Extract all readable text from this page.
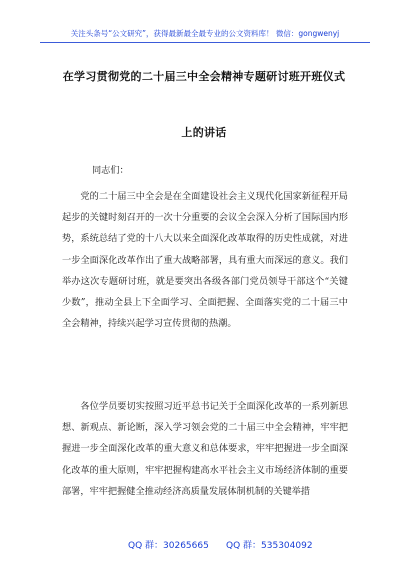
关注头条号“公文研究”，获得最新最全最专业的公文资料库！ 微信：gongwenyj
在学习贯彻党的二十届三中全会精神专题研讨班开班仪式
上的讲话
同志们：
党的二十届三中全会是在全面建设社会主义现代化国家新征程开局起步的关键时刻召开的一次十分重要的会议全会深入分析了国际国内形势，系统总结了党的十八大以来全面深化改革取得的历史性成就，对进一步全面深化改革作出了重大战略部署，具有重大而深远的意义。我们举办这次专题研讨班，就是要突出各级各部门党员领导干部这个“关键少数”，推动全县上下全面学习、全面把握、全面落实党的二十届三中全会精神，持续兴起学习宣传贯彻的热潮。
各位学员要切实按照习近平总书记关于全面深化改革的一系列新思想、新观点、新论断，深入学习领会党的二十届三中全会精神，牢牢把握进一步全面深化改革的重大意义和总体要求，牢牢把握进一步全面深化改革的重大原则，牢牢把握构建高水平社会主义市场经济体制的重要部署，牢牢把握健全推动经济高质量发展体制机制的关键举措
QQ 群：30265665 QQ 群：535304092
